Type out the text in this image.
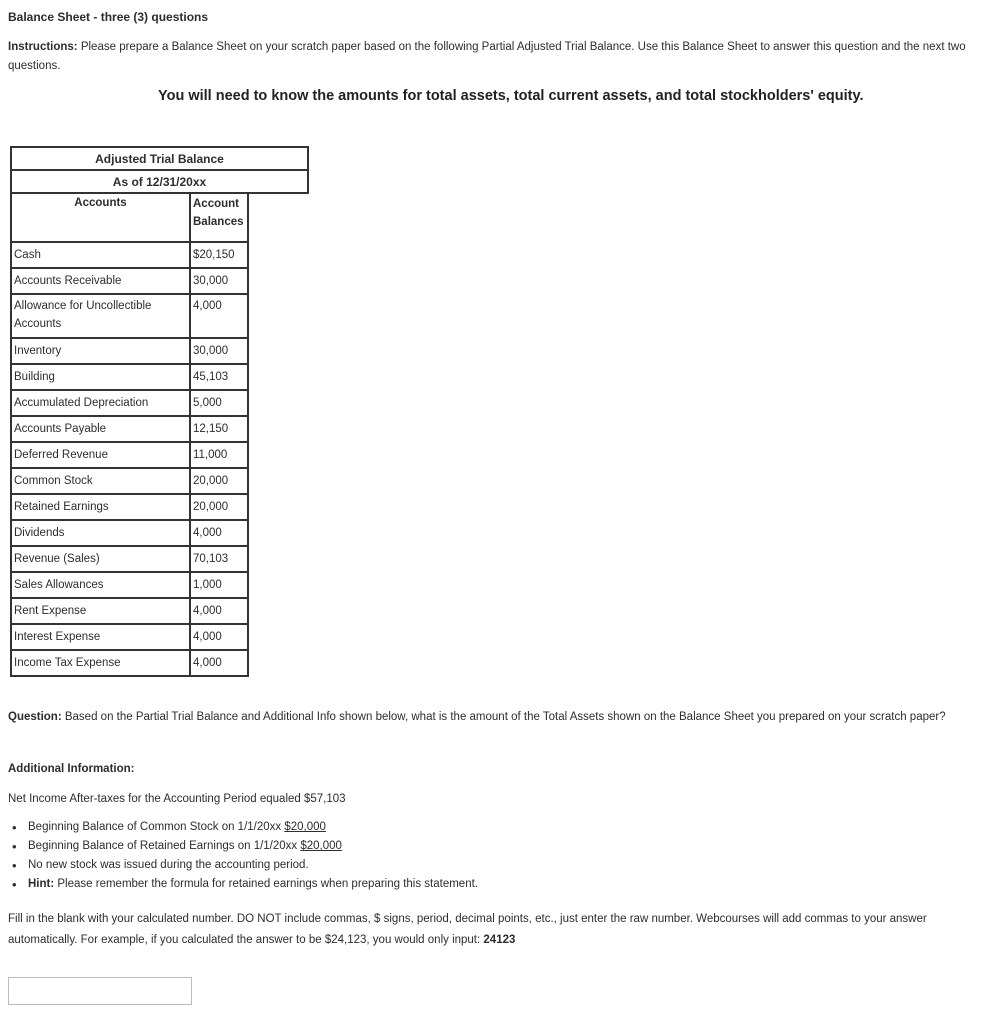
Balance Sheet - three (3) questions
Instructions: Please prepare a Balance Sheet on your scratch paper based on the following Partial Adjusted Trial Balance. Use this Balance Sheet to answer this question and the next two questions.
You will need to know the amounts for total assets, total current assets, and total stockholders' equity.
Adjusted Trial Balance		
As of 12/31/20xx		
Accounts	Account
Balances	
Cash	$20,150	
Accounts Receivable	30,000	
Allowance for Uncollectible
Accounts	4,000	
Inventory	30,000	
Building	45,103	
Accumulated Depreciation	5,000	
Accounts Payable	12,150	
Deferred Revenue	11,000	
Common Stock	20,000	
Retained Earnings	20,000	
Dividends	4,000	
Revenue (Sales)	70,103	
Sales Allowances	1,000	
Rent Expense	4,000	
Interest Expense	4,000	
Income Tax Expense	4,000	
Question: Based on the Partial Trial Balance and Additional Info shown below, what is the amount of the Total Assets shown on the Balance Sheet you prepared on your scratch paper?
Additional Information:
Net Income After-taxes for the Accounting Period equaled $57,103
• Beginning Balance of Common Stock on 1/1/20xx $20,000
• Beginning Balance of Retained Earnings on 1/1/20xx $20,000
• No new stock was issued during the accounting period.
• Hint: Please remember the formula for retained earnings when preparing this statement.
Fill in the blank with your calculated number. DO NOT include commas, $ signs, period, decimal points, etc., just enter the raw number. Webcourses will add commas to your answer automatically. For example, if you calculated the answer to be $24,123, you would only input: 24123
